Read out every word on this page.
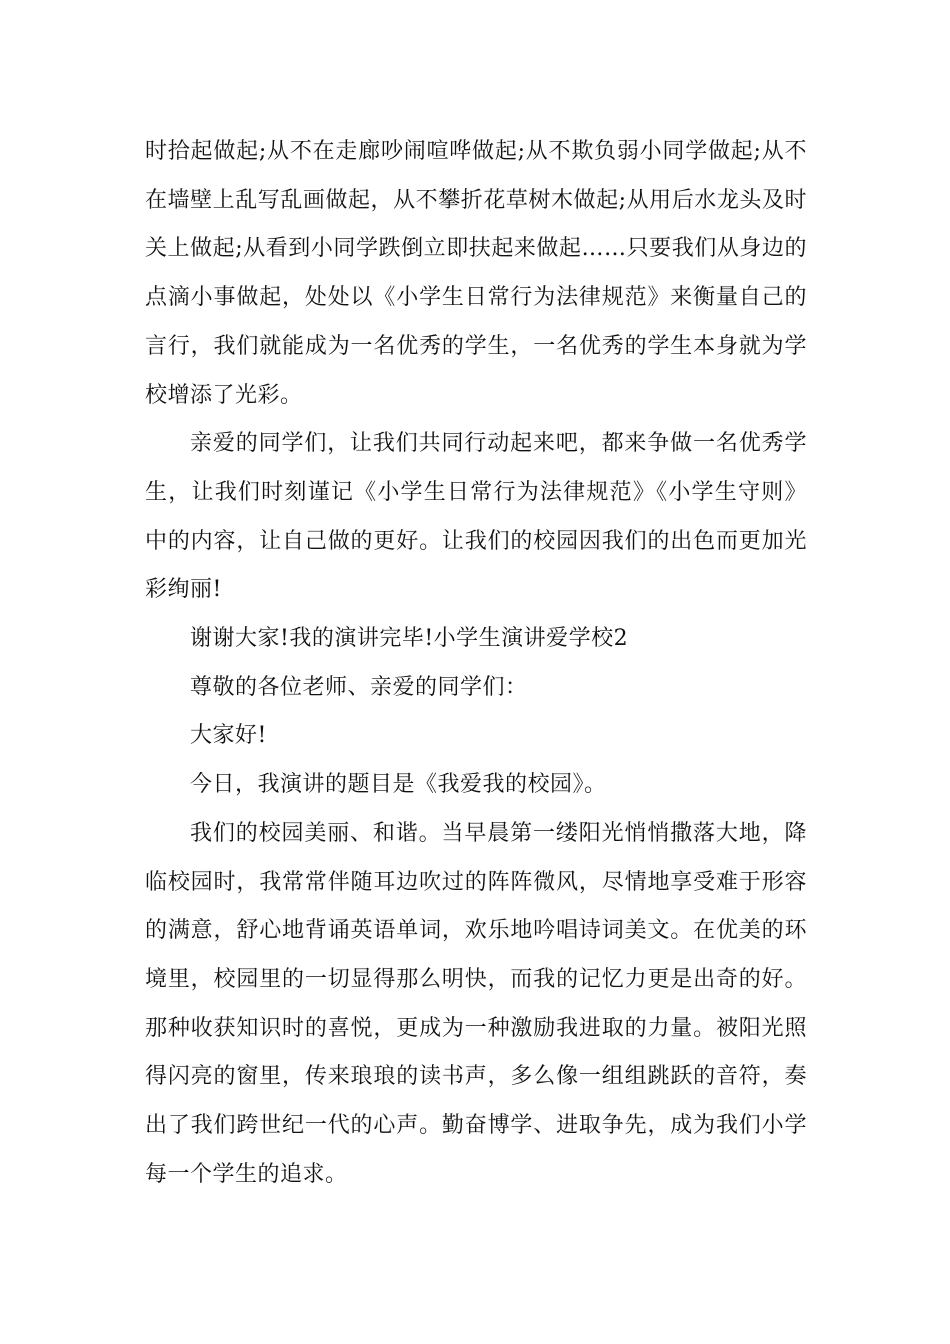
时拾起做起;从不在走廊吵闹喧哗做起;从不欺负弱小同学做起;从不在墙壁上乱写乱画做起，从不攀折花草树木做起;从用后水龙头及时关上做起;从看到小同学跌倒立即扶起来做起……只要我们从身边的点滴小事做起，处处以《小学生日常行为法律规范》来衡量自己的言行，我们就能成为一名优秀的学生，一名优秀的学生本身就为学校增添了光彩。

亲爱的同学们，让我们共同行动起来吧，都来争做一名优秀学生，让我们时刻谨记《小学生日常行为法律规范》《小学生守则》中的内容，让自己做的更好。让我们的校园因我们的出色而更加光彩绚丽!

谢谢大家!我的演讲完毕!小学生演讲爱学校2

尊敬的各位老师、亲爱的同学们：

大家好!

今日，我演讲的题目是《我爱我的校园》。

我们的校园美丽、和谐。当早晨第一缕阳光悄悄撒落大地，降临校园时，我常常伴随耳边吹过的阵阵微风，尽情地享受难于形容的满意，舒心地背诵英语单词，欢乐地吟唱诗词美文。在优美的环境里，校园里的一切显得那么明快，而我的记忆力更是出奇的好。那种收获知识时的喜悦，更成为一种激励我进取的力量。被阳光照得闪亮的窗里，传来琅琅的读书声，多么像一组组跳跃的音符，奏出了我们跨世纪一代的心声。勤奋博学、进取争先，成为我们小学每一个学生的追求。
